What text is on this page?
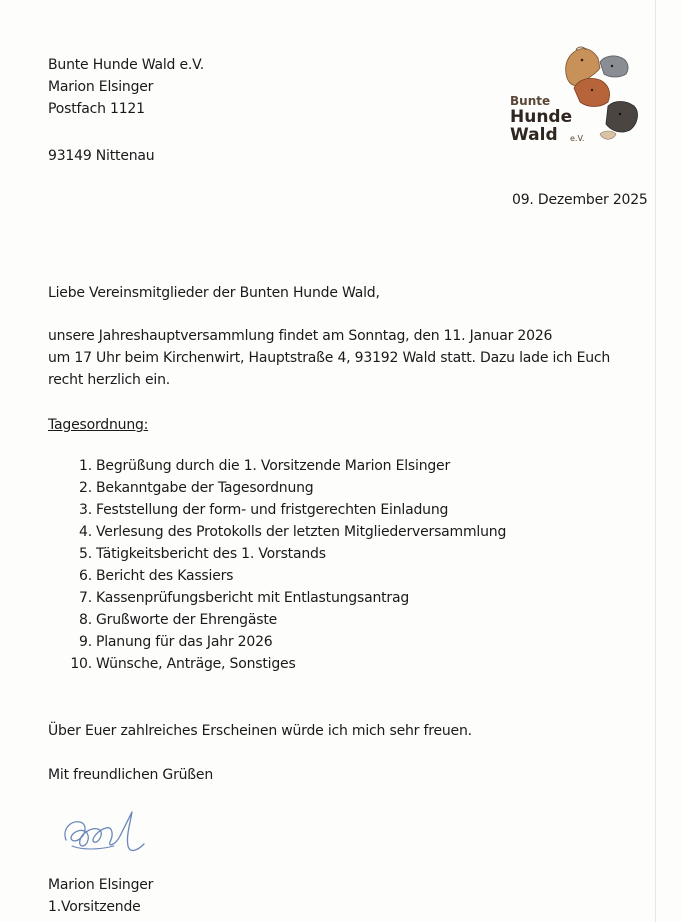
Bunte Hunde Wald e.V.
Marion Elsinger
Postfach 1121
93149 Nittenau
Bunte
Hunde
Wald e.V.
09. Dezember 2025
Liebe Vereinsmitglieder der Bunten Hunde Wald,
unsere Jahreshauptversammlung findet am Sonntag, den 11. Januar 2026
um 17 Uhr beim Kirchenwirt, Hauptstraße 4, 93192 Wald statt. Dazu lade ich Euch
recht herzlich ein.
Tagesordnung:
1. Begrüßung durch die 1. Vorsitzende Marion Elsinger
2. Bekanntgabe der Tagesordnung
3. Feststellung der form- und fristgerechten Einladung
4. Verlesung des Protokolls der letzten Mitgliederversammlung
5. Tätigkeitsbericht des 1. Vorstands
6. Bericht des Kassiers
7. Kassenprüfungsbericht mit Entlastungsantrag
8. Grußworte der Ehrengäste
9. Planung für das Jahr 2026
10. Wünsche, Anträge, Sonstiges
Über Euer zahlreiches Erscheinen würde ich mich sehr freuen.
Mit freundlichen Grüßen
Marion Elsinger
1.Vorsitzende
